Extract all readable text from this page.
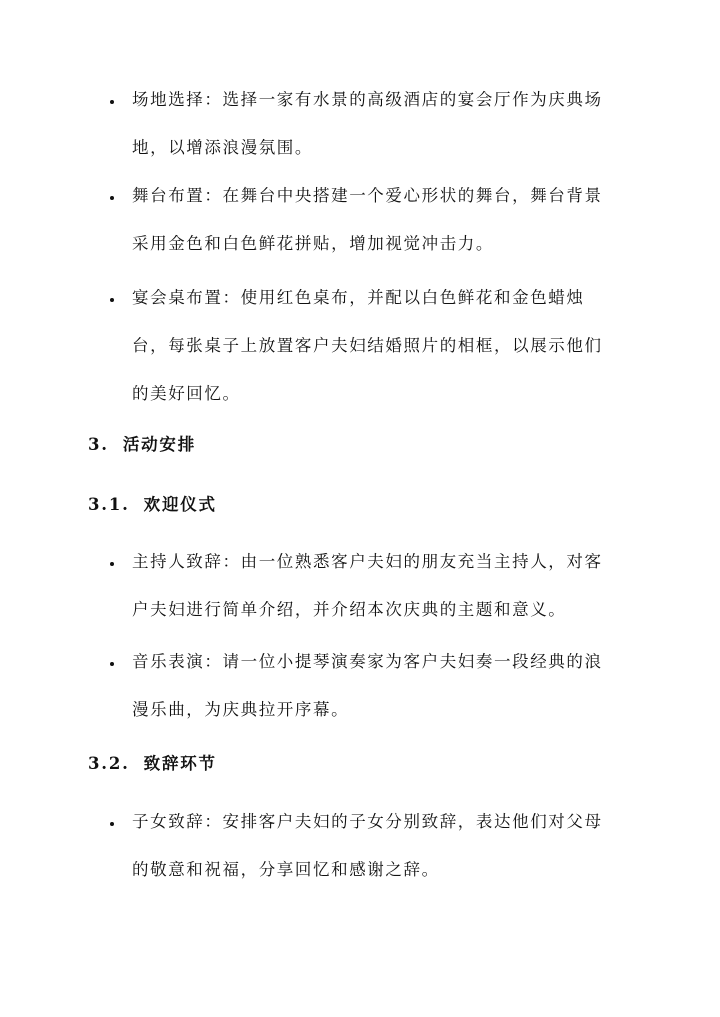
场地选择：选择一家有水景的高级酒店的宴会厅作为庆典场地，以增添浪漫氛围。
舞台布置：在舞台中央搭建一个爱心形状的舞台，舞台背景采用金色和白色鲜花拼贴，增加视觉冲击力。
宴会桌布置：使用红色桌布，并配以白色鲜花和金色蜡烛台，每张桌子上放置客户夫妇结婚照片的相框，以展示他们的美好回忆。
3. 活动安排
3.1. 欢迎仪式
主持人致辞：由一位熟悉客户夫妇的朋友充当主持人，对客户夫妇进行简单介绍，并介绍本次庆典的主题和意义。
音乐表演：请一位小提琴演奏家为客户夫妇奏一段经典的浪漫乐曲，为庆典拉开序幕。
3.2. 致辞环节
子女致辞：安排客户夫妇的子女分别致辞，表达他们对父母的敬意和祝福，分享回忆和感谢之辞。
